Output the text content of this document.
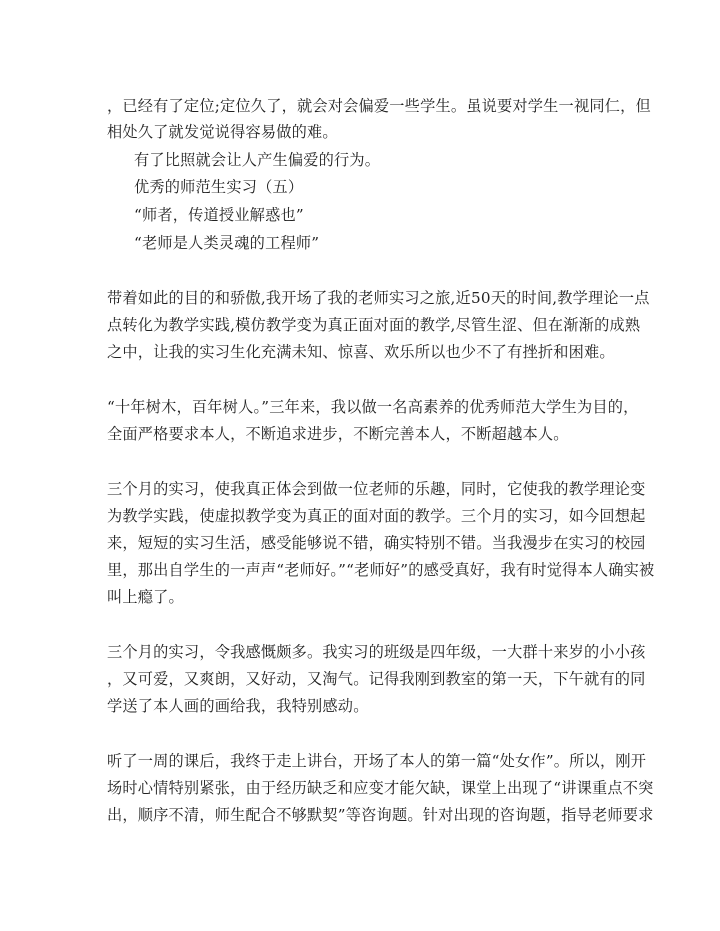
，已经有了定位;定位久了，就会对会偏爱一些学生。虽说要对学生一视同仁，但
相处久了就发觉说得容易做的难。
有了比照就会让人产生偏爱的行为。
优秀的师范生实习（五）
“师者，传道授业解惑也”
“老师是人类灵魂的工程师”
带着如此的目的和骄傲,我开场了我的老师实习之旅,近50天的时间,教学理论一点
点转化为教学实践,模仿教学变为真正面对面的教学,尽管生涩、但在渐渐的成熟
之中，让我的实习生化充满未知、惊喜、欢乐所以也少不了有挫折和困难。
“十年树木，百年树人。”三年来，我以做一名高素养的优秀师范大学生为目的，
全面严格要求本人，不断追求进步，不断完善本人，不断超越本人。
三个月的实习，使我真正体会到做一位老师的乐趣，同时，它使我的教学理论变
为教学实践，使虚拟教学变为真正的面对面的教学。三个月的实习，如今回想起
来，短短的实习生活，感受能够说不错，确实特别不错。当我漫步在实习的校园
里，那出自学生的一声声“老师好。”“老师好”的感受真好，我有时觉得本人确实被
叫上瘾了。
三个月的实习，令我感慨颇多。我实习的班级是四年级，一大群十来岁的小小孩
，又可爱，又爽朗，又好动，又淘气。记得我刚到教室的第一天，下午就有的同
学送了本人画的画给我，我特别感动。
听了一周的课后，我终于走上讲台，开场了本人的第一篇“处女作”。所以，刚开
场时心情特别紧张，由于经历缺乏和应变才能欠缺，课堂上出现了“讲课重点不突
出，顺序不清，师生配合不够默契”等咨询题。针对出现的咨询题，指导老师要求
